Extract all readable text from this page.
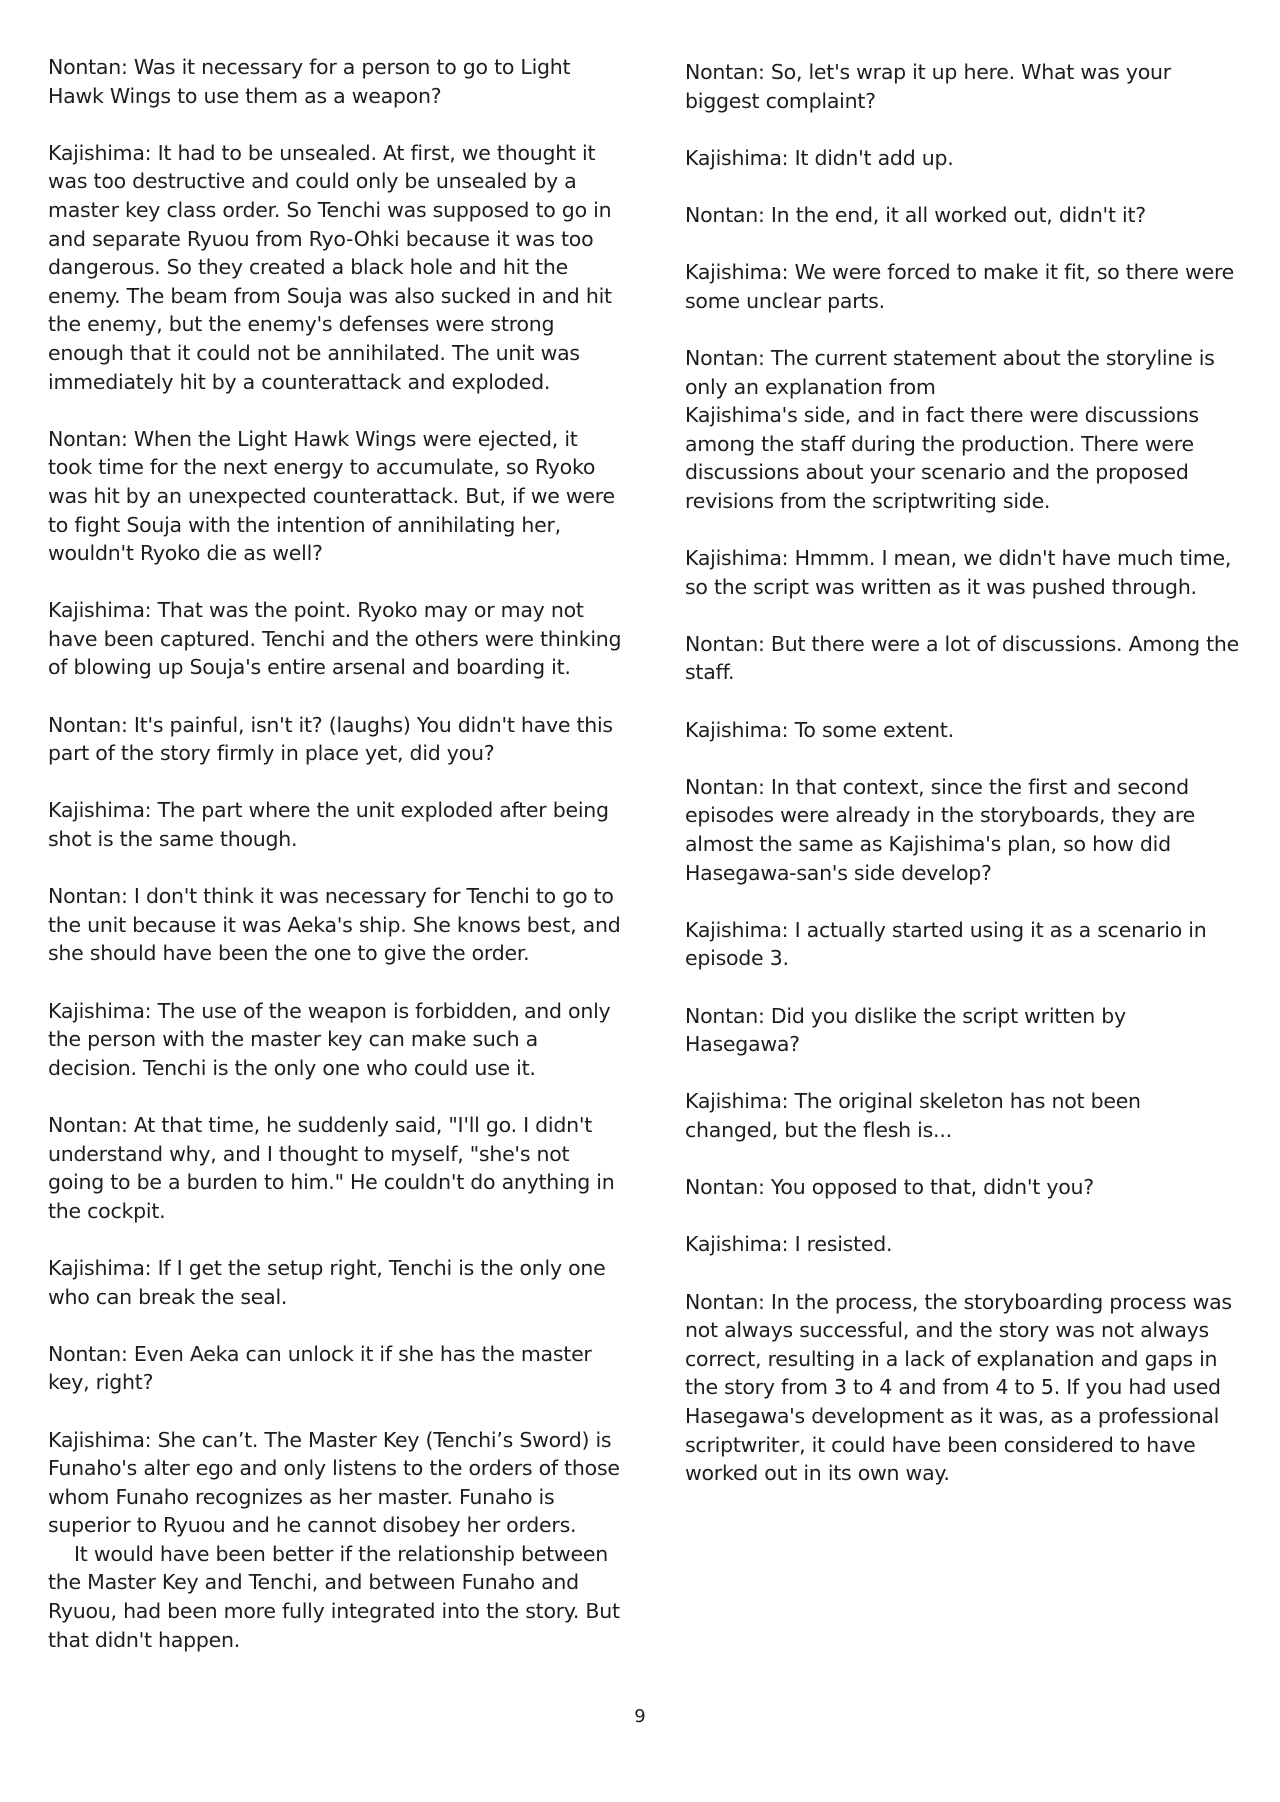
Nontan: Was it necessary for a person to go to Light Hawk Wings to use them as a weapon?

Kajishima: It had to be unsealed. At first, we thought it was too destructive and could only be unsealed by a master key class order. So Tenchi was supposed to go in and separate Ryuou from Ryo-Ohki because it was too dangerous. So they created a black hole and hit the enemy. The beam from Souja was also sucked in and hit the enemy, but the enemy's defenses were strong enough that it could not be annihilated. The unit was immediately hit by a counterattack and exploded.

Nontan: When the Light Hawk Wings were ejected, it took time for the next energy to accumulate, so Ryoko was hit by an unexpected counterattack. But, if we were to fight Souja with the intention of annihilating her, wouldn't Ryoko die as well?

Kajishima: That was the point. Ryoko may or may not have been captured. Tenchi and the others were thinking of blowing up Souja's entire arsenal and boarding it.

Nontan: It's painful, isn't it? (laughs) You didn't have this part of the story firmly in place yet, did you?

Kajishima: The part where the unit exploded after being shot is the same though.

Nontan: I don't think it was necessary for Tenchi to go to the unit because it was Aeka's ship. She knows best, and she should have been the one to give the order.

Kajishima: The use of the weapon is forbidden, and only the person with the master key can make such a decision. Tenchi is the only one who could use it.

Nontan: At that time, he suddenly said, "I'll go. I didn't understand why, and I thought to myself, "she's not going to be a burden to him." He couldn't do anything in the cockpit.

Kajishima: If I get the setup right, Tenchi is the only one who can break the seal.

Nontan: Even Aeka can unlock it if she has the master key, right?

Kajishima: She can’t. The Master Key (Tenchi’s Sword) is Funaho's alter ego and only listens to the orders of those whom Funaho recognizes as her master. Funaho is superior to Ryuou and he cannot disobey her orders.

It would have been better if the relationship between the Master Key and Tenchi, and between Funaho and Ryuou, had been more fully integrated into the story. But that didn't happen.

Nontan: So, let's wrap it up here. What was your biggest complaint?

Kajishima: It didn't add up.

Nontan: In the end, it all worked out, didn't it?

Kajishima: We were forced to make it fit, so there were some unclear parts.

Nontan: The current statement about the storyline is only an explanation from

Kajishima's side, and in fact there were discussions among the staff during the production. There were discussions about your scenario and the proposed revisions from the scriptwriting side.

Kajishima: Hmmm. I mean, we didn't have much time, so the script was written as it was pushed through.

Nontan: But there were a lot of discussions. Among the staff.

Kajishima: To some extent.

Nontan: In that context, since the first and second episodes were already in the storyboards, they are almost the same as Kajishima's plan, so how did Hasegawa-san's side develop?

Kajishima: I actually started using it as a scenario in episode 3.

Nontan: Did you dislike the script written by Hasegawa?

Kajishima: The original skeleton has not been changed, but the flesh is...

Nontan: You opposed to that, didn't you?

Kajishima: I resisted.

Nontan: In the process, the storyboarding process was not always successful, and the story was not always correct, resulting in a lack of explanation and gaps in the story from 3 to 4 and from 4 to 5. If you had used Hasegawa's development as it was, as a professional scriptwriter, it could have been considered to have worked out in its own way.

9
